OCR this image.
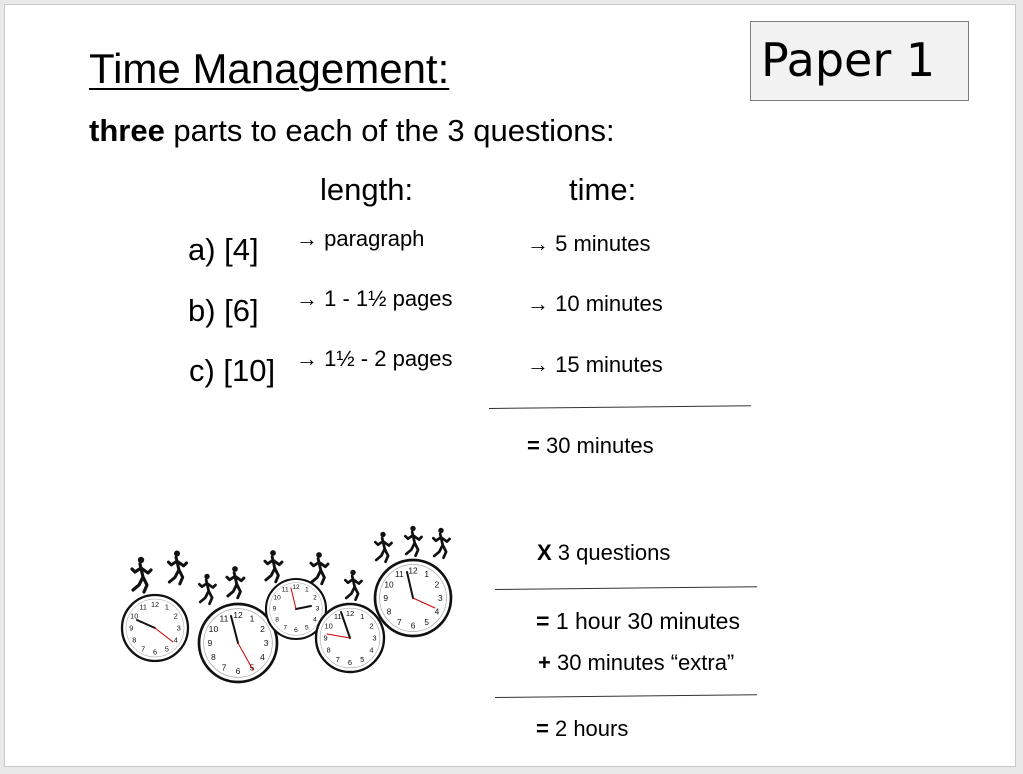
Time Management:	Paper 1
three parts to each of the 3 questions:
length:	time:
a) [4] → paragraph	→ 5 minutes
b) [6] → 1 - 1½ pages	→ 10 minutes
c) [10] → 1½ - 2 pages	→ 15 minutes
= 30 minutes
X 3 questions
= 1 hour 30 minutes
+ 30 minutes “extra”
= 2 hours
